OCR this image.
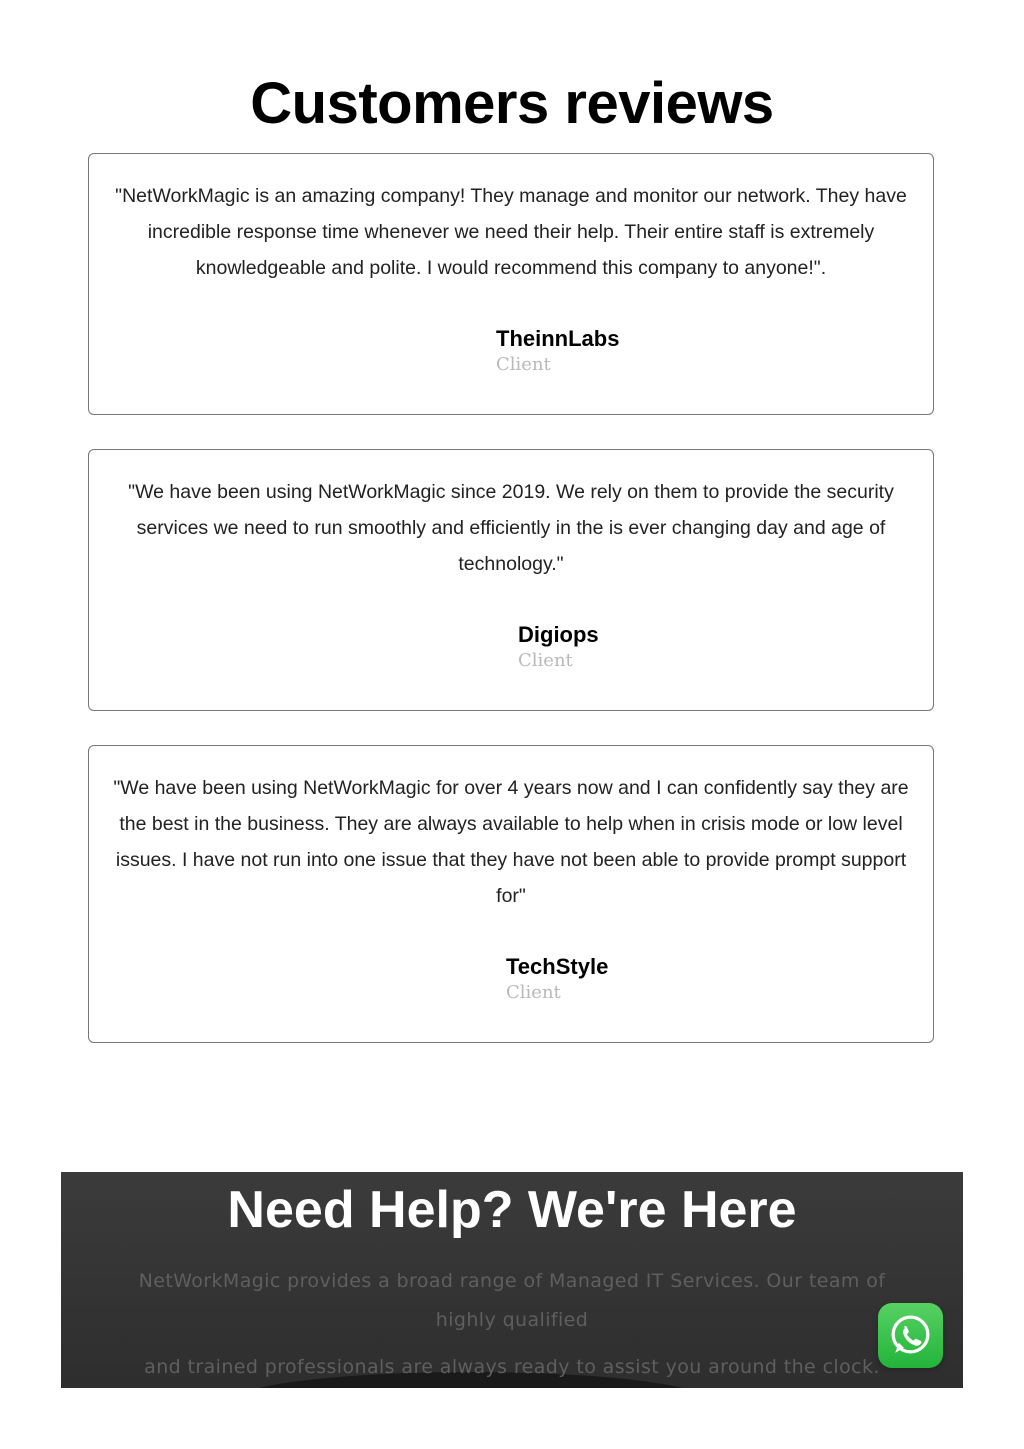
Customers reviews

"NetWorkMagic is an amazing company! They manage and monitor our network. They have incredible response time whenever we need their help. Their entire staff is extremely knowledgeable and polite. I would recommend this company to anyone!".

TheinnLabs
Client

"We have been using NetWorkMagic since 2019. We rely on them to provide the security services we need to run smoothly and efficiently in the is ever changing day and age of technology."

Digiops
Client

"We have been using NetWorkMagic for over 4 years now and I can confidently say they are the best in the business. They are always available to help when in crisis mode or low level issues. I have not run into one issue that they have not been able to provide prompt support for"

TechStyle
Client
Need Help? We're Here

NetWorkMagic provides a broad range of Managed IT Services. Our team of highly qualified

and trained professionals are always ready to assist you around the clock.
